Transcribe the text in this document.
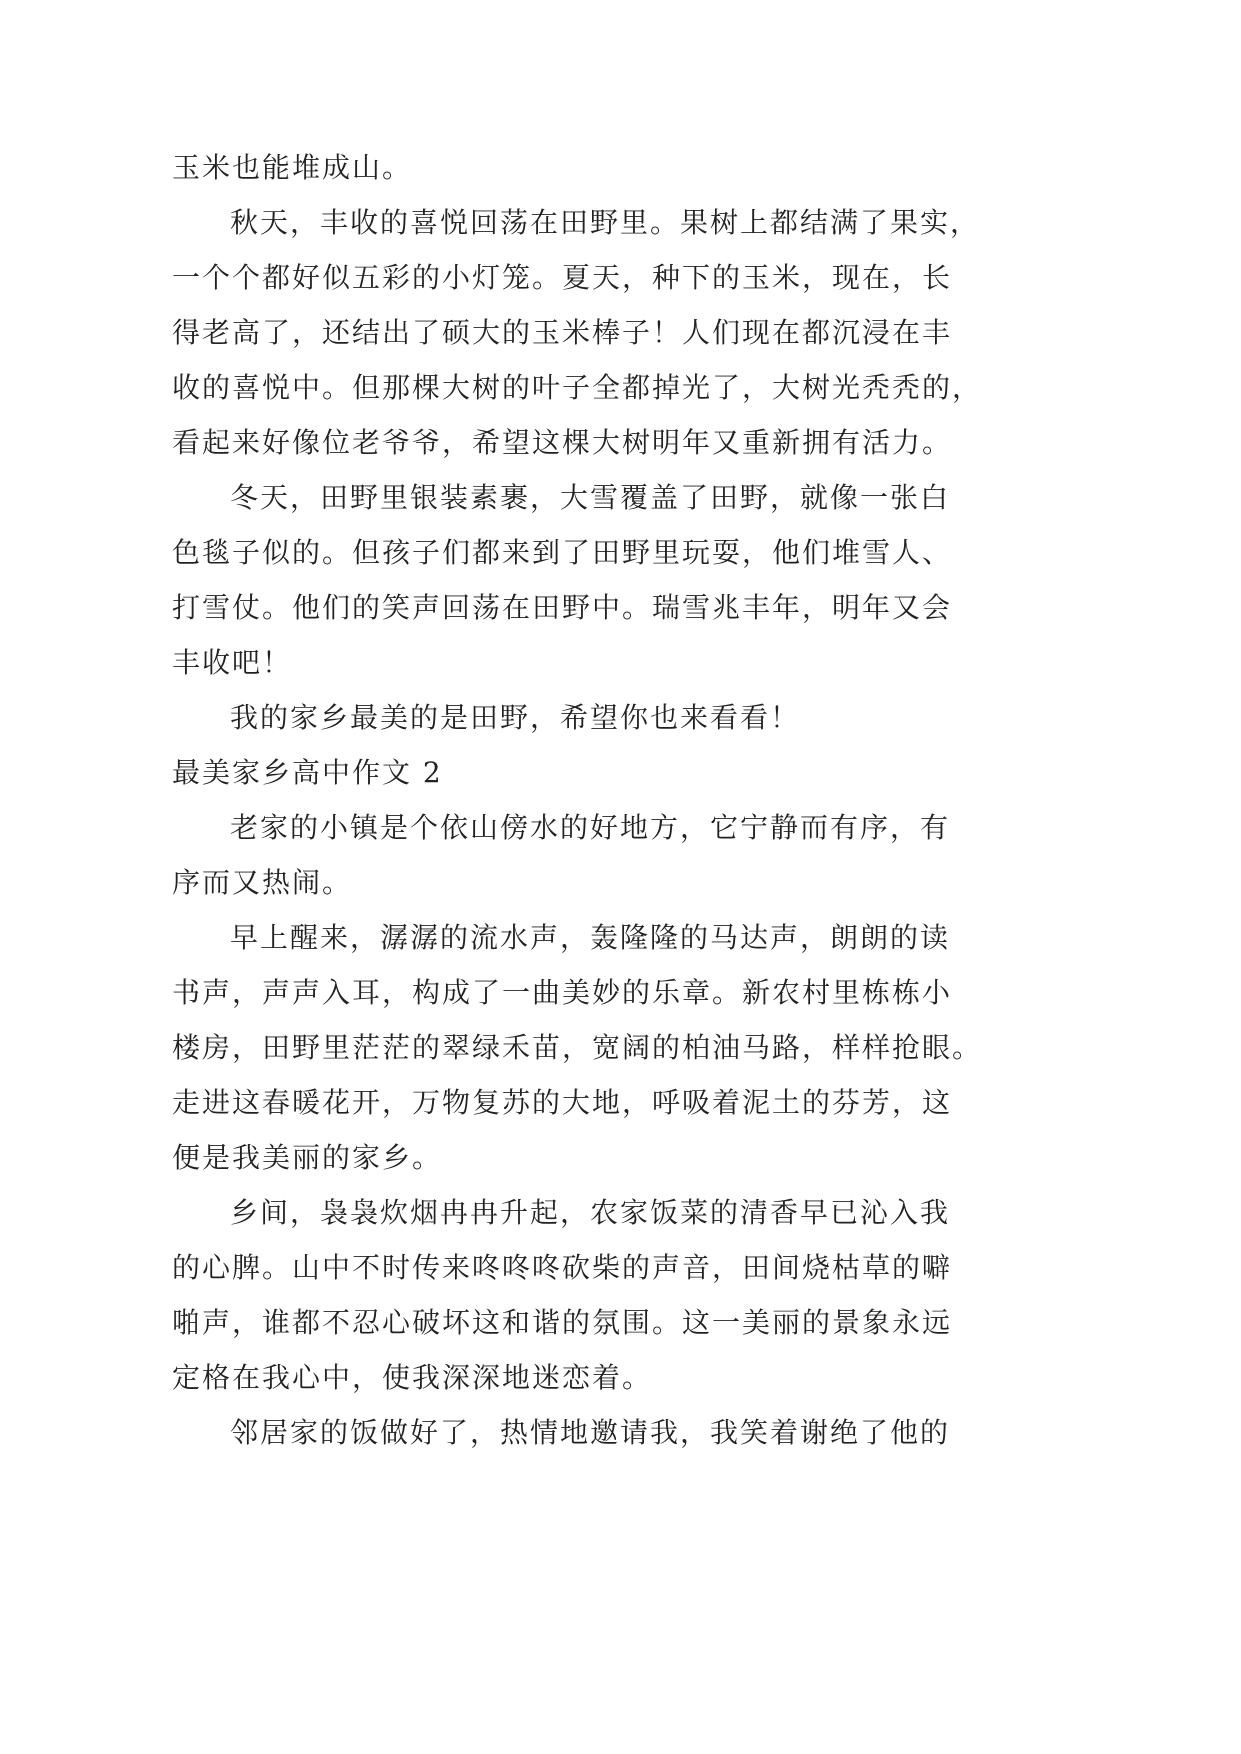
玉米也能堆成山。
秋天，丰收的喜悦回荡在田野里。果树上都结满了果实，
一个个都好似五彩的小灯笼。夏天，种下的玉米，现在，长
得老高了，还结出了硕大的玉米棒子！人们现在都沉浸在丰
收的喜悦中。但那棵大树的叶子全都掉光了，大树光秃秃的，
看起来好像位老爷爷，希望这棵大树明年又重新拥有活力。
冬天，田野里银装素裹，大雪覆盖了田野，就像一张白
色毯子似的。但孩子们都来到了田野里玩耍，他们堆雪人、
打雪仗。他们的笑声回荡在田野中。瑞雪兆丰年，明年又会
丰收吧！
我的家乡最美的是田野，希望你也来看看！
最美家乡高中作文 2
老家的小镇是个依山傍水的好地方，它宁静而有序，有
序而又热闹。
早上醒来，潺潺的流水声，轰隆隆的马达声，朗朗的读
书声，声声入耳，构成了一曲美妙的乐章。新农村里栋栋小
楼房，田野里茫茫的翠绿禾苗，宽阔的柏油马路，样样抢眼。
走进这春暖花开，万物复苏的大地，呼吸着泥土的芬芳，这
便是我美丽的家乡。
乡间，袅袅炊烟冉冉升起，农家饭菜的清香早已沁入我
的心脾。山中不时传来咚咚咚砍柴的声音，田间烧枯草的噼
啪声，谁都不忍心破坏这和谐的氛围。这一美丽的景象永远
定格在我心中，使我深深地迷恋着。
邻居家的饭做好了，热情地邀请我，我笑着谢绝了他的
